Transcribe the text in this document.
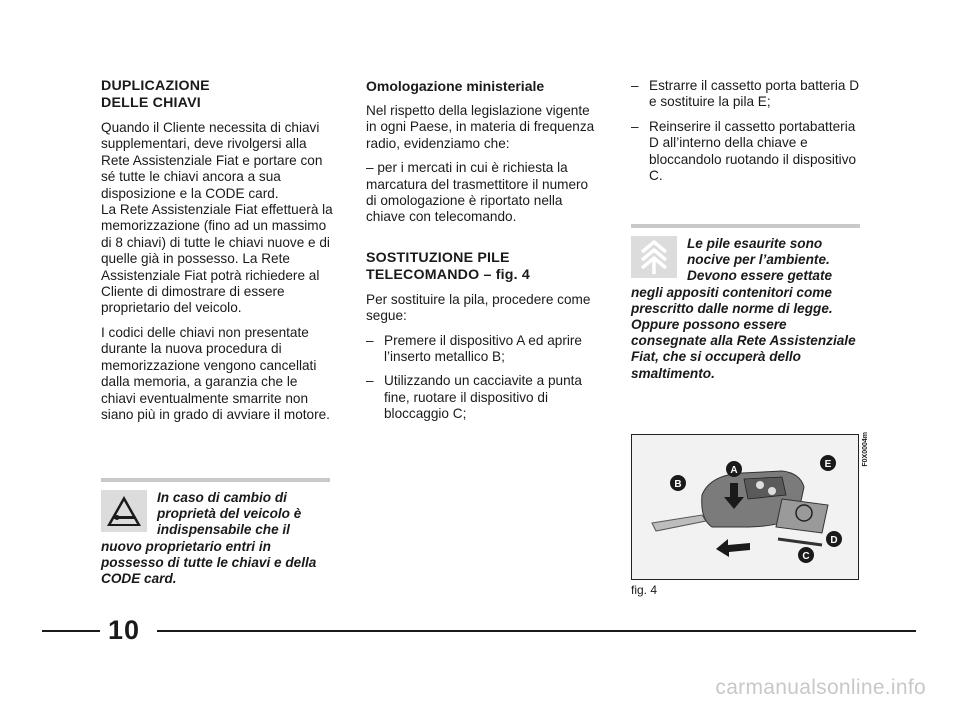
DUPLICAZIONE
DELLE CHIAVI

Quando il Cliente necessita di chiavi supplementari, deve rivolgersi alla Rete Assistenziale Fiat e portare con sé tutte le chiavi ancora a sua disposizione e la CODE card.

La Rete Assistenziale Fiat effettuerà la memorizzazione (fino ad un massimo di 8 chiavi) di tutte le chiavi nuove e di quelle già in possesso. La Rete Assistenziale Fiat potrà richiedere al Cliente di dimostrare di essere proprietario del veicolo.

I codici delle chiavi non presentate durante la nuova procedura di memorizzazione vengono cancellati dalla memoria, a garanzia che le chiavi eventualmente smarrite non siano più in grado di avviare il motore.

In caso di cambio di proprietà del veicolo è indispensabile che il nuovo proprietario entri in possesso di tutte le chiavi e della CODE card.
Omologazione ministeriale

Nel rispetto della legislazione vigente in ogni Paese, in materia di frequenza radio, evidenziamo che:

– per i mercati in cui è richiesta la marcatura del trasmettitore il numero di omologazione è riportato nella chiave con telecomando.

SOSTITUZIONE PILE
TELECOMANDO – fig. 4

Per sostituire la pila, procedere come segue:

– Premere il dispositivo A ed aprire l’inserto metallico B;

– Utilizzando un cacciavite a punta fine, ruotare il dispositivo di bloccaggio C;

– Estrarre il cassetto porta batteria D e sostituire la pila E;

– Reinserire il cassetto portabatteria D all’interno della chiave e bloccandolo ruotando il dispositivo C.

Le pile esaurite sono nocive per l’ambiente. Devono essere gettate negli appositi contenitori come prescritto dalle norme di legge. Oppure possono essere consegnate alla Rete Assistenziale Fiat, che si occuperà dello smaltimento.
A
B
C
D
E	F0X0004m
fig. 4
10
carmanualsonline.info
